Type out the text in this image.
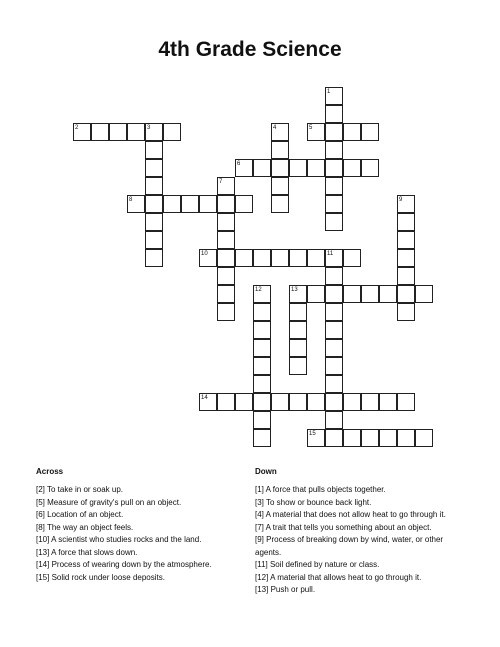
4th Grade Science
1
2	3	4	5
6
7
8	9
10	11
12	13
14
15
Across	Down

[2] To take in or soak up.

[5] Measure of gravity's pull on an object.

[6] Location of an object.

[8] The way an object feels.

[10] A scientist who studies rocks and the land.

[13] A force that slows down.

[14] Process of wearing down by the atmosphere.

[15] Solid rock under loose deposits.

[1] A force that pulls objects together.

[3] To show or bounce back light.

[4] A material that does not allow heat to go through it.

[7] A trait that tells you something about an object.

[9] Process of breaking down by wind, water, or other agents.

[11] Soil defined by nature or class.

[12] A material that allows heat to go through it.

[13] Push or pull.
